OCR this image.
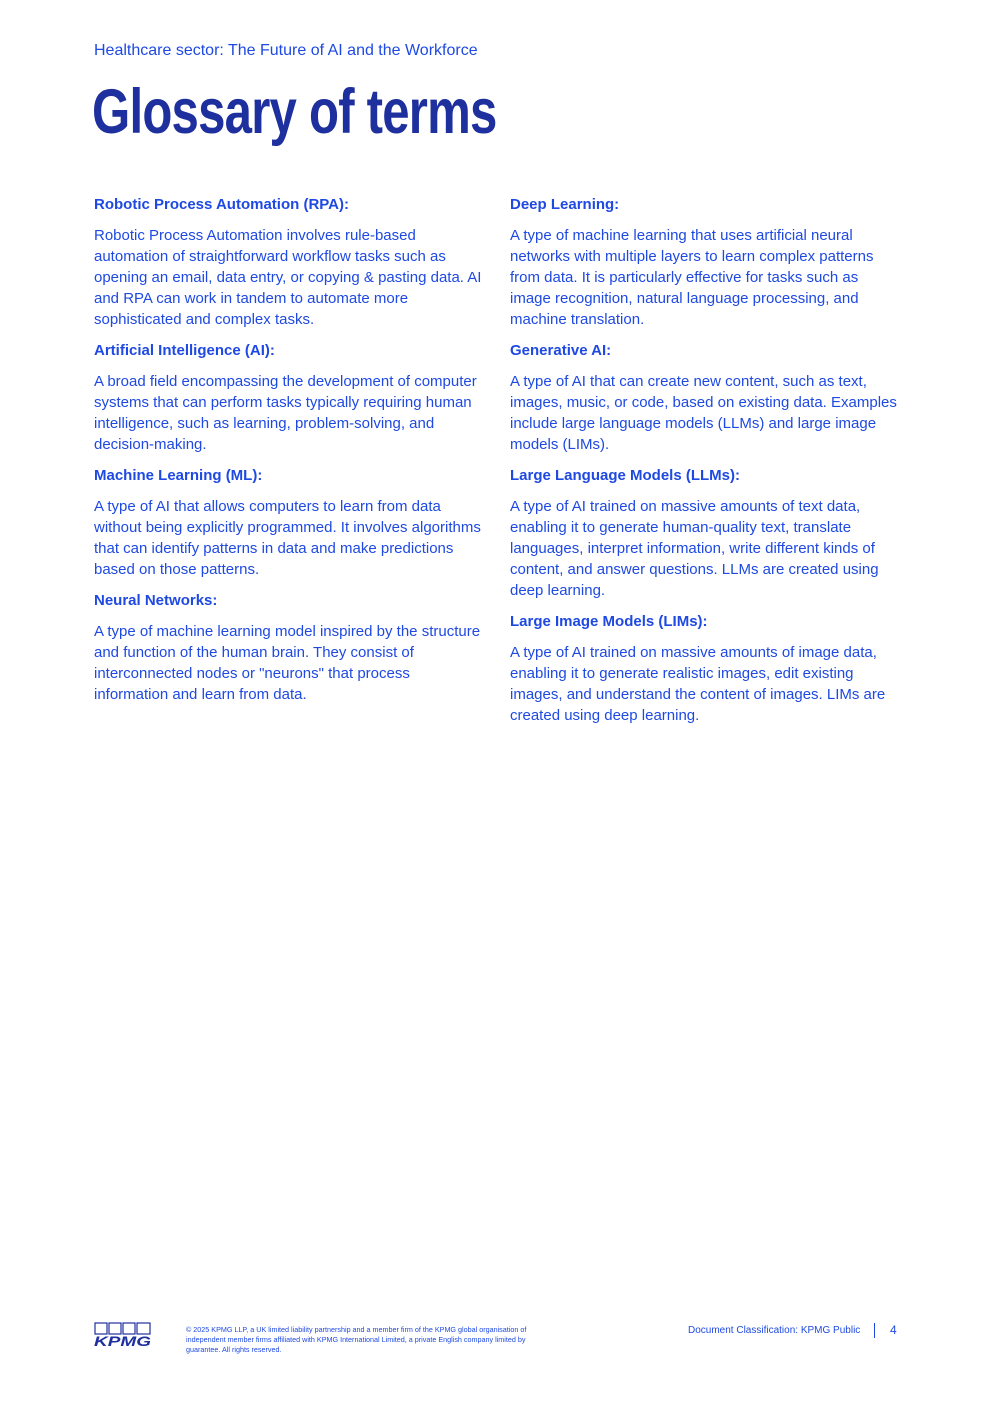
Healthcare sector: The Future of AI and the Workforce
Glossary of terms

Robotic Process Automation (RPA):

Robotic Process Automation involves rule-based automation of straightforward workflow tasks such as opening an email, data entry, or copying & pasting data. AI and RPA can work in tandem to automate more sophisticated and complex tasks.

Artificial Intelligence (AI):

A broad field encompassing the development of computer systems that can perform tasks typically requiring human intelligence, such as learning, problem-solving, and decision-making.

Machine Learning (ML):

A type of AI that allows computers to learn from data without being explicitly programmed. It involves algorithms that can identify patterns in data and make predictions based on those patterns.

Neural Networks:

A type of machine learning model inspired by the structure and function of the human brain. They consist of interconnected nodes or "neurons" that process information and learn from data.

Deep Learning:

A type of machine learning that uses artificial neural networks with multiple layers to learn complex patterns from data. It is particularly effective for tasks such as image recognition, natural language processing, and machine translation.

Generative AI:

A type of AI that can create new content, such as text, images, music, or code, based on existing data. Examples include large language models (LLMs) and large image models (LIMs).

Large Language Models (LLMs):

A type of AI trained on massive amounts of text data, enabling it to generate human-quality text, translate languages, interpret information, write different kinds of content, and answer questions. LLMs are created using deep learning.

Large Image Models (LIMs):

A type of AI trained on massive amounts of image data, enabling it to generate realistic images, edit existing images, and understand the content of images. LIMs are created using deep learning.

KPMG
© 2025 KPMG LLP, a UK limited liability partnership and a member firm of the KPMG global organisation of independent member firms affiliated with KPMG International Limited, a private English company limited by guarantee. All rights reserved.
Document Classification: KPMG Public 4
